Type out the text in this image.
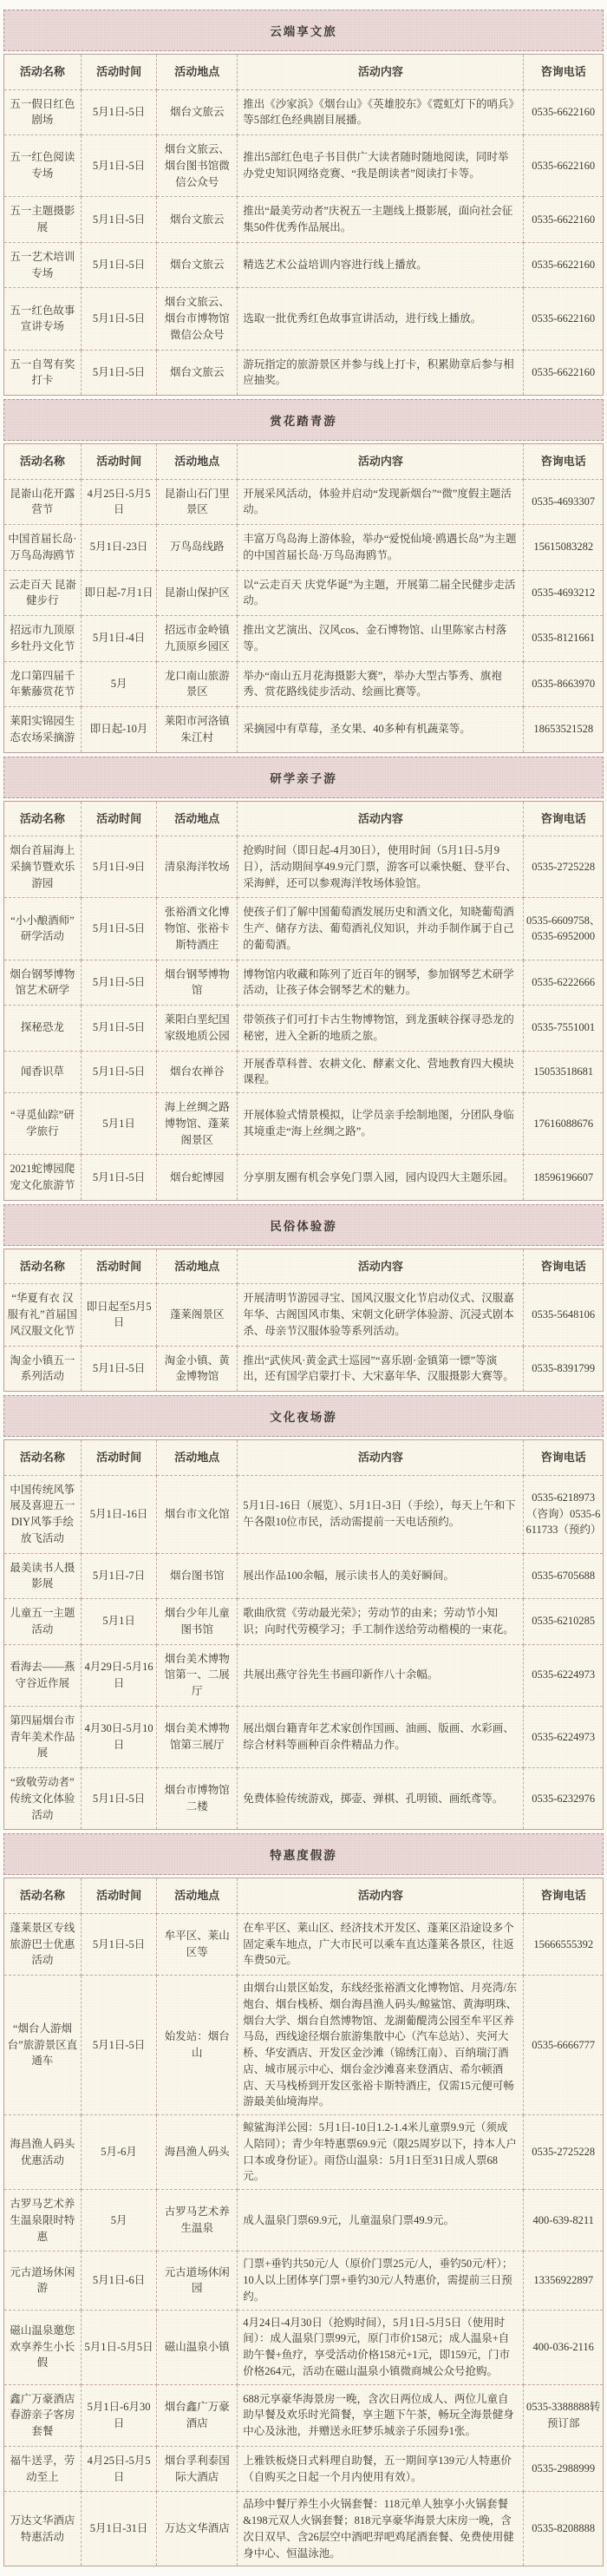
云端享文旅
活动名称	活动时间	活动地点	活动内容	咨询电话
五一假日红色剧场	5月1日-5日	烟台文旅云	推出《沙家浜》《烟台山》《英雄胶东》《霓虹灯下的哨兵》等5部红色经典剧目展播。	0535-6622160
五一红色阅读专场	5月1日-5日	烟台文旅云、烟台图书馆微信公众号	推出5部红色电子书目供广大读者随时随地阅读，同时举办党史知识网络竞赛、“我是朗读者”阅读打卡等。	0535-6622160
五一主题摄影展	5月1日-5日	烟台文旅云	推出“最美劳动者”庆祝五一主题线上摄影展，面向社会征集50件优秀作品展出。	0535-6622160
五一艺术培训专场	5月1日-5日	烟台文旅云	精选艺术公益培训内容进行线上播放。	0535-6622160
五一红色故事宣讲专场	5月1日-5日	烟台文旅云、烟台市博物馆微信公众号	选取一批优秀红色故事宣讲活动，进行线上播放。	0535-6622160
五一自驾有奖打卡	5月1日-5日	烟台文旅云	游玩指定的旅游景区并参与线上打卡，积累勋章后参与相应抽奖。	0535-6622160
赏花踏青游
活动名称	活动时间	活动地点	活动内容	咨询电话
昆嵛山花开露营节	4月25日-5月5日	昆嵛山石门里景区	开展采风活动，体验并启动“发现新烟台”“微”度假主题活动。	0535-4693307
中国首届长岛·万鸟岛海鸥节	5月1日-23日	万鸟岛线路	丰富万鸟岛海上游体验，举办“爱悦仙境·鸥遇长岛”为主题的中国首届长岛·万鸟岛海鸥节。	15615083282
云走百天 昆嵛健步行	即日起-7月1日	昆嵛山保护区	以“云走百天 庆党华诞”为主题，开展第二届全民健步走活动。	0535-4693212
招远市九顶原乡牡丹文化节	5月1日-4日	招远市金岭镇九顶原乡园区	推出文艺演出、汉风cos、金石博物馆、山里陈家古村落等。	0535-8121661
龙口第四届千年紫藤赏花节	5月	龙口南山旅游景区	举办“南山五月花海摄影大赛”，举办大型古筝秀、旗袍秀、赏花路线徒步活动、绘画比赛等。	0535-8663970
莱阳实锦园生态农场采摘游	即日起-10月	莱阳市河洛镇朱江村	采摘园中有草莓，圣女果、40多种有机蔬菜等。	18653521528
研学亲子游
活动名称	活动时间	活动地点	活动内容	咨询电话
烟台首届海上采摘节暨欢乐游园	5月1日-9日	清泉海洋牧场	抢购时间（即日起-4月30日），使用时间（5月1日-5月9日），活动期间享49.9元门票，游客可以乘快艇、登平台、采海鲜，还可以参观海洋牧场体验馆。	0535-2725228
“小小酿酒师”研学活动	5月1日-5日	张裕酒文化博物馆、张裕卡斯特酒庄	使孩子们了解中国葡萄酒发展历史和酒文化，知晓葡萄酒生产、储存方法、葡萄酒礼仪知识，并动手制作属于自己的葡萄酒。	0535-6609758、0535-6952000
烟台钢琴博物馆艺术研学	5月1日-5日	烟台钢琴博物馆	博物馆内收藏和陈列了近百年的钢琴，参加钢琴艺术研学活动，让孩子体会钢琴艺术的魅力。	0535-6222666
探秘恐龙	5月1日-5日	莱阳白垩纪国家级地质公园	带领孩子们可打卡古生物博物馆，到龙蛋峡谷探寻恐龙的秘密，进入全新的地质之旅。	0535-7551001
闻香识草	5月1日-5日	烟台农禅谷	开展香草科普、农耕文化、酵素文化、营地教育四大模块课程。	15053518681
“寻觅仙踪”研学旅行	5月1日	海上丝绸之路博物馆、蓬莱阁景区	开展体验式情景模拟，让学员亲手绘制地图，分团队身临其境重走“海上丝绸之路”。	17616088676
2021蛇博园爬宠文化旅游节	5月1日-5日	烟台蛇博园	分享朋友圈有机会享免门票入园，园内设四大主题乐园。	18596196607
民俗体验游
活动名称	活动时间	活动地点	活动内容	咨询电话
“华夏有衣 汉服有礼”首届国风汉服文化节	即日起至5月5日	蓬莱阁景区	开展清明节游园寻宝、国风汉服文化节启动仪式、汉服嘉年华、古阁国风市集、宋朝文化研学体验游、沉浸式剧本杀、母亲节汉服体验等系列活动。	0535-5648106
淘金小镇五一系列活动	5月1日-5日	淘金小镇、黄金博物馆	推出“武侠风·黄金武士巡园”“喜乐剧·金镇第一镖”等演出，还有国学启蒙打卡、大宋嘉年华、汉服摄影大赛等。	0535-8391799
文化夜场游
活动名称	活动时间	活动地点	活动内容	咨询电话
中国传统风筝展及喜迎五一DIY风筝手绘放飞活动	5月1日-16日	烟台市文化馆	5月1日-16日（展览）、5月1日-3日（手绘），每天上午和下午各限10位市民，活动需提前一天电话预约。	0535-6218973（咨询）0535-6611733（预约）
最美读书人摄影展	5月1日-7日	烟台图书馆	展出作品100余幅，展示读书人的美好瞬间。	0535-6705688
儿童五一主题活动	5月1日	烟台少年儿童图书馆	歌曲欣赏《劳动最光荣》；劳动节的由来；劳动节小知识；向时代劳模学习；手工制作送给劳动楷模的一束花。	0535-6210285
看海去——燕守谷近作展	4月29日-5月16日	烟台美术博物馆第一、二展厅	共展出燕守谷先生书画印新作八十余幅。	0535-6224973
第四届烟台市青年美术作品展	4月30日-5月10日	烟台美术博物馆第三展厅	展出烟台籍青年艺术家创作国画、油画、版画、水彩画、综合材料等画种百余件精品力作。	0535-6224973
“致敬劳动者”传统文化体验活动	5月1日-5日	烟台市博物馆二楼	免费体验传统游戏，掷壶、弹棋、孔明锁、画纸鸢等。	0535-6232976
特惠度假游
活动名称	活动时间	活动地点	活动内容	咨询电话
蓬莱景区专线旅游巴士优惠活动	5月1日-5日	牟平区、莱山区等	在牟平区、莱山区、经济技术开发区、蓬莱区沿途设多个固定乘车地点，广大市民可以乘车直达蓬莱各景区，往返车费50元。	15666555392
“烟台人游烟台”旅游景区直通车	5月1日-5日	始发站：烟台山	由烟台山景区始发，东线经张裕酒文化博物馆、月亮湾/东炮台、烟台栈桥、烟台海昌渔人码头/鲸鲨馆、黄海明珠、烟台大学、烟台自然博物馆、龙湖葡醍湾公园至牟平区养马岛，西线途径烟台旅游集散中心（汽车总站）、夹河大桥、华安酒店、开发区金沙滩（锦绣江南）、百纳瑞汀酒店、城市展示中心、烟台金沙滩喜来登酒店、希尔顿酒店、天马栈桥到开发区张裕卡斯特酒庄，仅需15元便可畅游最美仙境海岸。	0535-6666777
海昌渔人码头优惠活动	5月-6月	海昌渔人码头	鲸鲨海洋公园：5月1日-10日1.2-1.4米儿童票9.9元（须成人陪同）；青少年特惠票69.9元（限25周岁以下，持本人户口本或身份证）。雨岱山温泉：5月1日至31日成人票68元。	0535-2725228
古罗马艺术养生温泉限时特惠	5月	古罗马艺术养生温泉	成人温泉门票69.9元，儿童温泉门票49.9元。	400-639-8211
元古道场休闲游	5月1日-6日	元古道场休闲园	门票+垂钓共50元/人（原价门票25元/人，垂钓50元/杆）；10人以上团体享门票+垂钓30元/人特惠价，需提前三日预约。	13356922897
磁山温泉邀您欢享养生小长假	5月1日-5月5日	磁山温泉小镇	4月24日-4月30日（抢购时间），5月1日-5月5日（使用时间）：成人温泉门票99元，原门市价158元；成人温泉+自助午餐+鱼疗，享受活动价格158元+1元，即159元，门市价格264元，活动在磁山温泉小镇微商城公众号抢购。	400-036-2116
鑫广万豪酒店春游亲子客房套餐	5月1日-6月30日	烟台鑫广万豪酒店	688元享豪华海景房一晚，含次日两位成人、两位儿童自助早餐及欢乐时光简餐，享主题下午茶，畅玩全海景健身中心及泳池，并赠送永旺梦乐城亲子乐园券1张。	0535-3388888转预订部
福牛送孚，劳动至上	4月25日-5月5日	烟台孚利泰国际大酒店	上雅铁板烧日式料理自助餐，五一期间享139元/人特惠价（自购买之日起一个月内使用有效）。	0535-2988999
万达文华酒店特惠活动	5月1日-31日	万达文华酒店	品珍中餐厅养生小火锅套餐：118元单人独享小火锅套餐&198元双人火锅套餐；818元享豪华海景大床房一晚，含次日双早、含26层空中酒吧羿吧鸡尾酒套餐、免费使用健身中心、恒温泳池。	0535-8208888
